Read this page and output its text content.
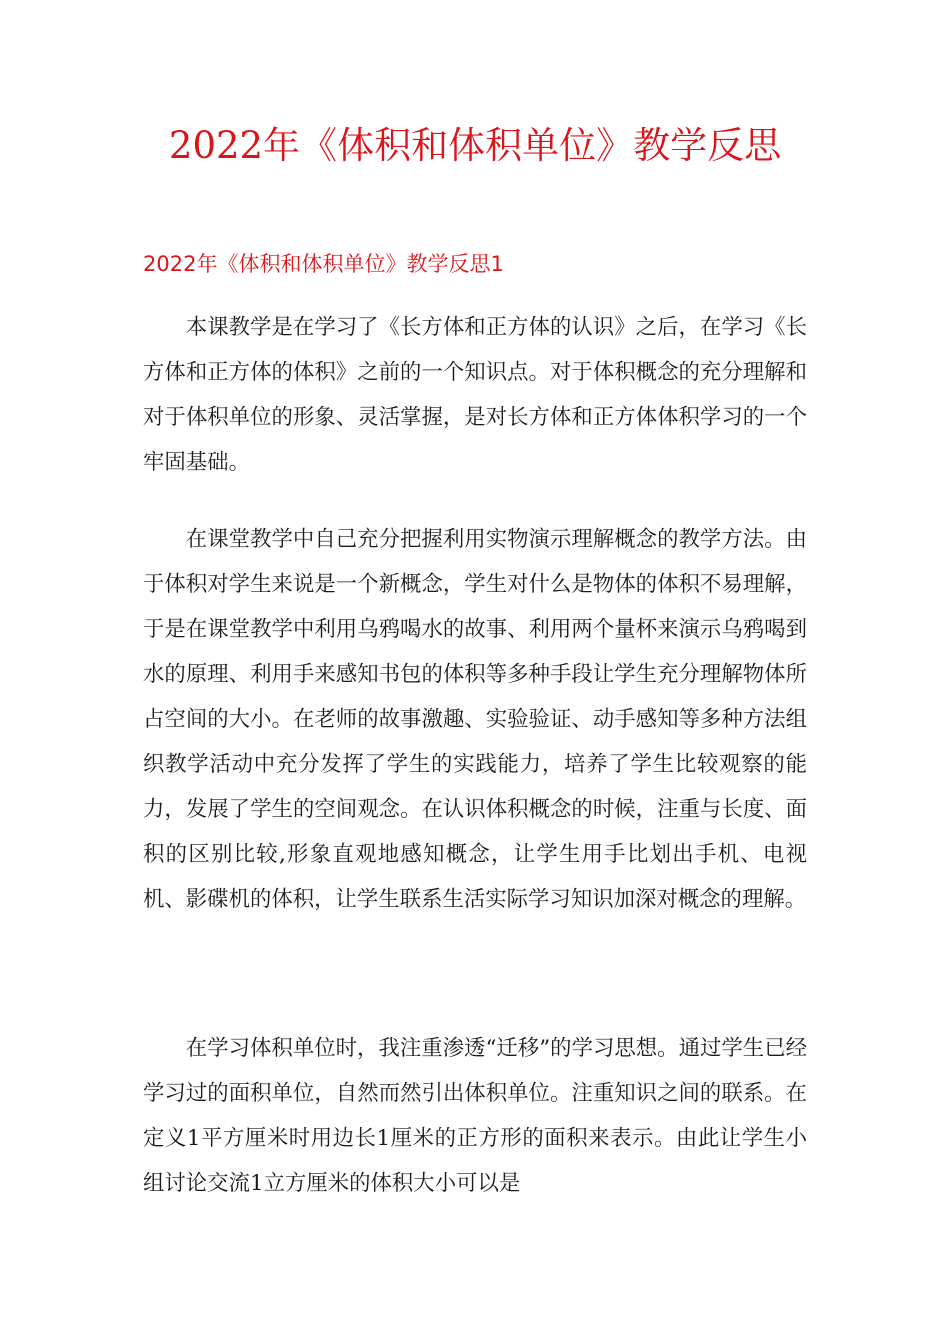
2022年《体积和体积单位》教学反思
2022年《体积和体积单位》教学反思1

本课教学是在学习了《长方体和正方体的认识》之后，在学习《长方体和正方体的体积》之前的一个知识点。对于体积概念的充分理解和对于体积单位的形象、灵活掌握，是对长方体和正方体体积学习的一个牢固基础。

在课堂教学中自己充分把握利用实物演示理解概念的教学方法。由于体积对学生来说是一个新概念，学生对什么是物体的体积不易理解，于是在课堂教学中利用乌鸦喝水的故事、利用两个量杯来演示乌鸦喝到水的原理、利用手来感知书包的体积等多种手段让学生充分理解物体所占空间的大小。在老师的故事激趣、实验验证、动手感知等多种方法组织教学活动中充分发挥了学生的实践能力，培养了学生比较观察的能力，发展了学生的空间观念。在认识体积概念的时候，注重与长度、面积的区别比较,形象直观地感知概念，让学生用手比划出手机、电视机、影碟机的体积，让学生联系生活实际学习知识加深对概念的理解。

在学习体积单位时，我注重渗透“迁移”的学习思想。通过学生已经学习过的面积单位，自然而然引出体积单位。注重知识之间的联系。在定义1平方厘米时用边长1厘米的正方形的面积来表示。由此让学生小组讨论交流1立方厘米的体积大小可以是
